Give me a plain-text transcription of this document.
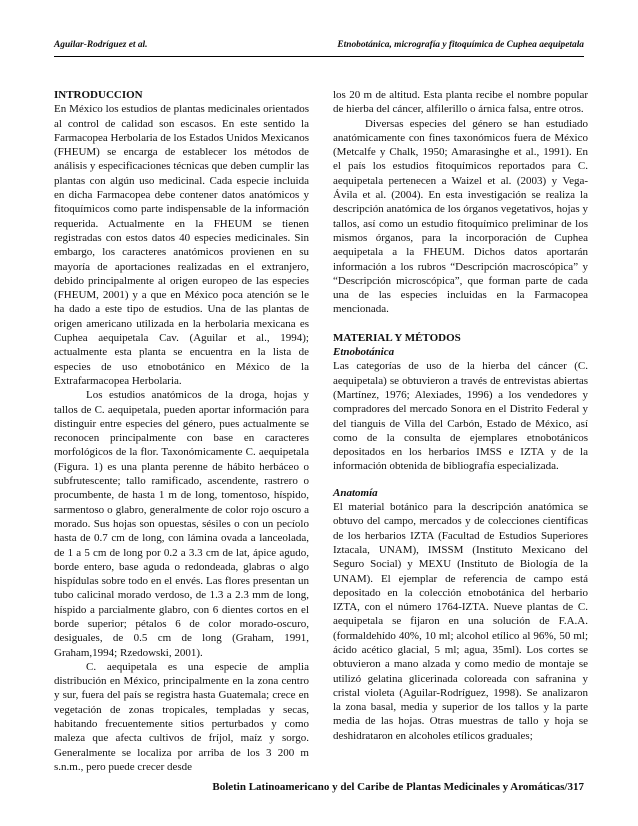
Aguilar-Rodríguez et al.	Etnobotánica, micrografía y fitoquímica de Cuphea aequipetala

INTRODUCCION

En México los estudios de plantas medicinales orientados al control de calidad son escasos. En este sentido la Farmacopea Herbolaria de los Estados Unidos Mexicanos (FHEUM) se encarga de establecer los métodos de análisis y especificaciones técnicas que deben cumplir las plantas con algún uso medicinal. Cada especie incluida en dicha Farmacopea debe contener datos anatómicos y fitoquímicos como parte indispensable de la información requerida. Actualmente en la FHEUM se tienen registradas con estos datos 40 especies medicinales. Sin embargo, los caracteres anatómicos provienen en su mayoría de aportaciones realizadas en el extranjero, debido principalmente al origen europeo de las especies (FHEUM, 2001) y a que en México poca atención se le ha dado a este tipo de estudios. Una de las plantas de origen americano utilizada en la herbolaria mexicana es Cuphea aequipetala Cav. (Aguilar et al., 1994); actualmente esta planta se encuentra en la lista de especies de uso etnobotánico en México de la Extrafarmacopea Herbolaria.

Los estudios anatómicos de la droga, hojas y tallos de C. aequipetala, pueden aportar información para distinguir entre especies del género, pues actualmente se reconocen principalmente con base en caracteres morfológicos de la flor. Taxonómicamente C. aequipetala (Figura. 1) es una planta perenne de hábito herbáceo o subfrutescente; tallo ramificado, ascendente, rastrero o procumbente, de hasta 1 m de long, tomentoso, híspido, sarmentoso o glabro, generalmente de color rojo oscuro a morado. Sus hojas son opuestas, sésiles o con un pecíolo hasta de 0.7 cm de long, con lámina ovada a lanceolada, de 1 a 5 cm de long por 0.2 a 3.3 cm de lat, ápice agudo, borde entero, base aguda o redondeada, glabras o algo hispídulas sobre todo en el envés. Las flores presentan un tubo calicinal morado verdoso, de 1.3 a 2.3 mm de long, híspido a parcialmente glabro, con 6 dientes cortos en el borde superior; pétalos 6 de color morado-oscuro, desiguales, de 0.5 cm de long (Graham, 1991, Graham,1994; Rzedowski, 2001).

C. aequipetala es una especie de amplia distribución en México, principalmente en la zona centro y sur, fuera del país se registra hasta Guatemala; crece en vegetación de zonas tropicales, templadas y secas, habitando frecuentemente sitios perturbados y como maleza que afecta cultivos de fríjol, maíz y sorgo. Generalmente se localiza por arriba de los 3 200 m s.n.m., pero puede crecer desde

los 20 m de altitud. Esta planta recibe el nombre popular de hierba del cáncer, alfilerillo o árnica falsa, entre otros.

Diversas especies del género se han estudiado anatómicamente con fines taxonómicos fuera de México (Metcalfe y Chalk, 1950; Amarasinghe et al., 1991). En el país los estudios fitoquímicos reportados para C. aequipetala pertenecen a Waizel et al. (2003) y Vega-Ávila et al. (2004). En esta investigación se realiza la descripción anatómica de los órganos vegetativos, hojas y tallos, así como un estudio fitoquímico preliminar de los mismos órganos, para la incorporación de Cuphea aequipetala a la FHEUM. Dichos datos aportarán información a los rubros “Descripción macroscópica” y “Descripción microscópica”, que forman parte de cada una de las especies incluidas en la Farmacopea mencionada.

MATERIAL Y MÉTODOS

Etnobotánica

Las categorías de uso de la hierba del cáncer (C. aequipetala) se obtuvieron a través de entrevistas abiertas (Martínez, 1976; Alexiades, 1996) a los vendedores y compradores del mercado Sonora en el Distrito Federal y del tianguis de Villa del Carbón, Estado de México, así como de la consulta de ejemplares etnobotánicos depositados en los herbarios IMSS e IZTA y de la información obtenida de bibliografía especializada.

Anatomía

El material botánico para la descripción anatómica se obtuvo del campo, mercados y de colecciones científicas de los herbarios IZTA (Facultad de Estudios Superiores Iztacala, UNAM), IMSSM (Instituto Mexicano del Seguro Social) y MEXU (Instituto de Biología de la UNAM). El ejemplar de referencia de campo está depositado en la colección etnobotánica del herbario IZTA, con el número 1764-IZTA. Nueve plantas de C. aequipetala se fijaron en una solución de F.A.A. (formaldehído 40%, 10 ml; alcohol etílico al 96%, 50 ml; ácido acético glacial, 5 ml; agua, 35ml). Los cortes se obtuvieron a mano alzada y como medio de montaje se utilizó gelatina glicerinada coloreada con safranina y cristal violeta (Aguilar-Rodríguez, 1998). Se analizaron la zona basal, media y superior de los tallos y la parte media de las hojas. Otras muestras de tallo y hoja se deshidrataron en alcoholes etílicos graduales;

Boletin Latinoamericano y del Caribe de Plantas Medicinales y Aromáticas/317
